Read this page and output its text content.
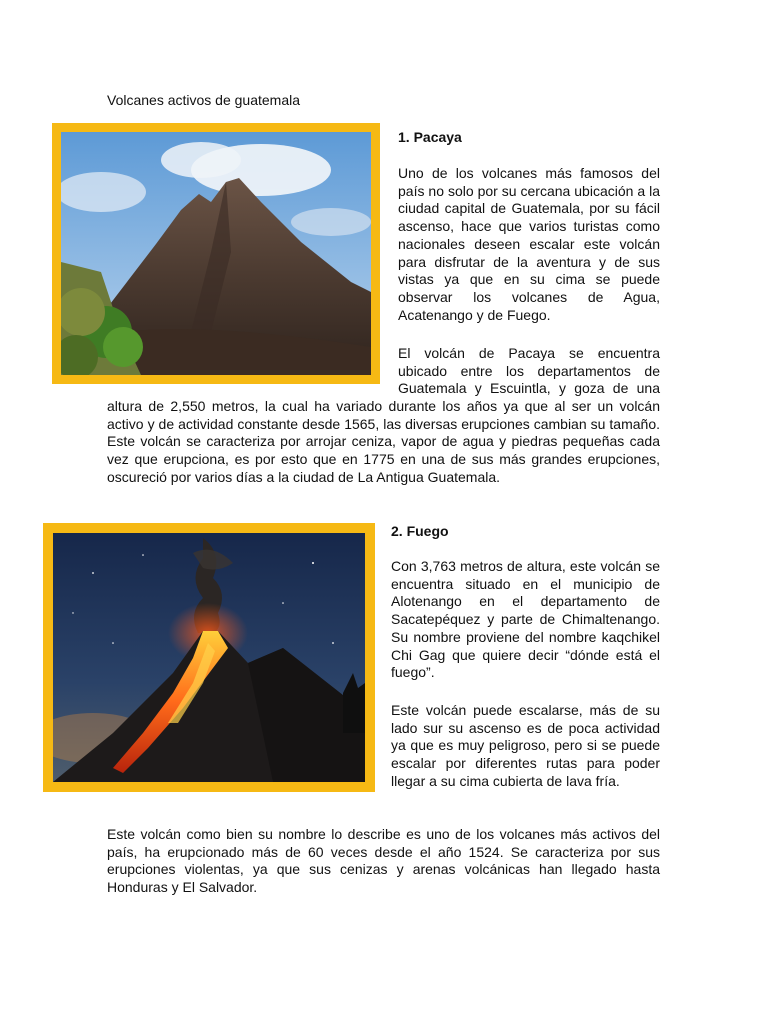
Volcanes activos de guatemala
1. Pacaya

Uno de los volcanes más famosos del país no solo por su cercana ubicación a la ciudad capital de Guatemala, por su fácil ascenso, hace que varios turistas como nacionales deseen escalar este volcán para disfrutar de la aventura y de sus vistas ya que en su cima se puede observar los volcanes de Agua, Acatenango y de Fuego.

El volcán de Pacaya se encuentra ubicado entre los departamentos de Guatemala y Escuintla, y goza de una

altura de 2,550 metros, la cual ha variado durante los años ya que al ser un volcán activo y de actividad constante desde 1565, las diversas erupciones cambian su tamaño. Este volcán se caracteriza por arrojar ceniza, vapor de agua y piedras pequeñas cada vez que erupciona, es por esto que en 1775 en una de sus más grandes erupciones, oscureció por varios días a la ciudad de La Antigua Guatemala.

2. Fuego

Con 3,763 metros de altura, este volcán se encuentra situado en el municipio de Alotenango en el departamento de Sacatepéquez y parte de Chimaltenango. Su nombre proviene del nombre kaqchikel Chi Gag que quiere decir “dónde está el fuego”.

Este volcán puede escalarse, más de su lado sur su ascenso es de poca actividad ya que es muy peligroso, pero si se puede escalar por diferentes rutas para poder llegar a su cima cubierta de lava fría.

Este volcán como bien su nombre lo describe es uno de los volcanes más activos del país, ha erupcionado más de 60 veces desde el año 1524. Se caracteriza por sus erupciones violentas, ya que sus cenizas y arenas volcánicas han llegado hasta Honduras y El Salvador.
